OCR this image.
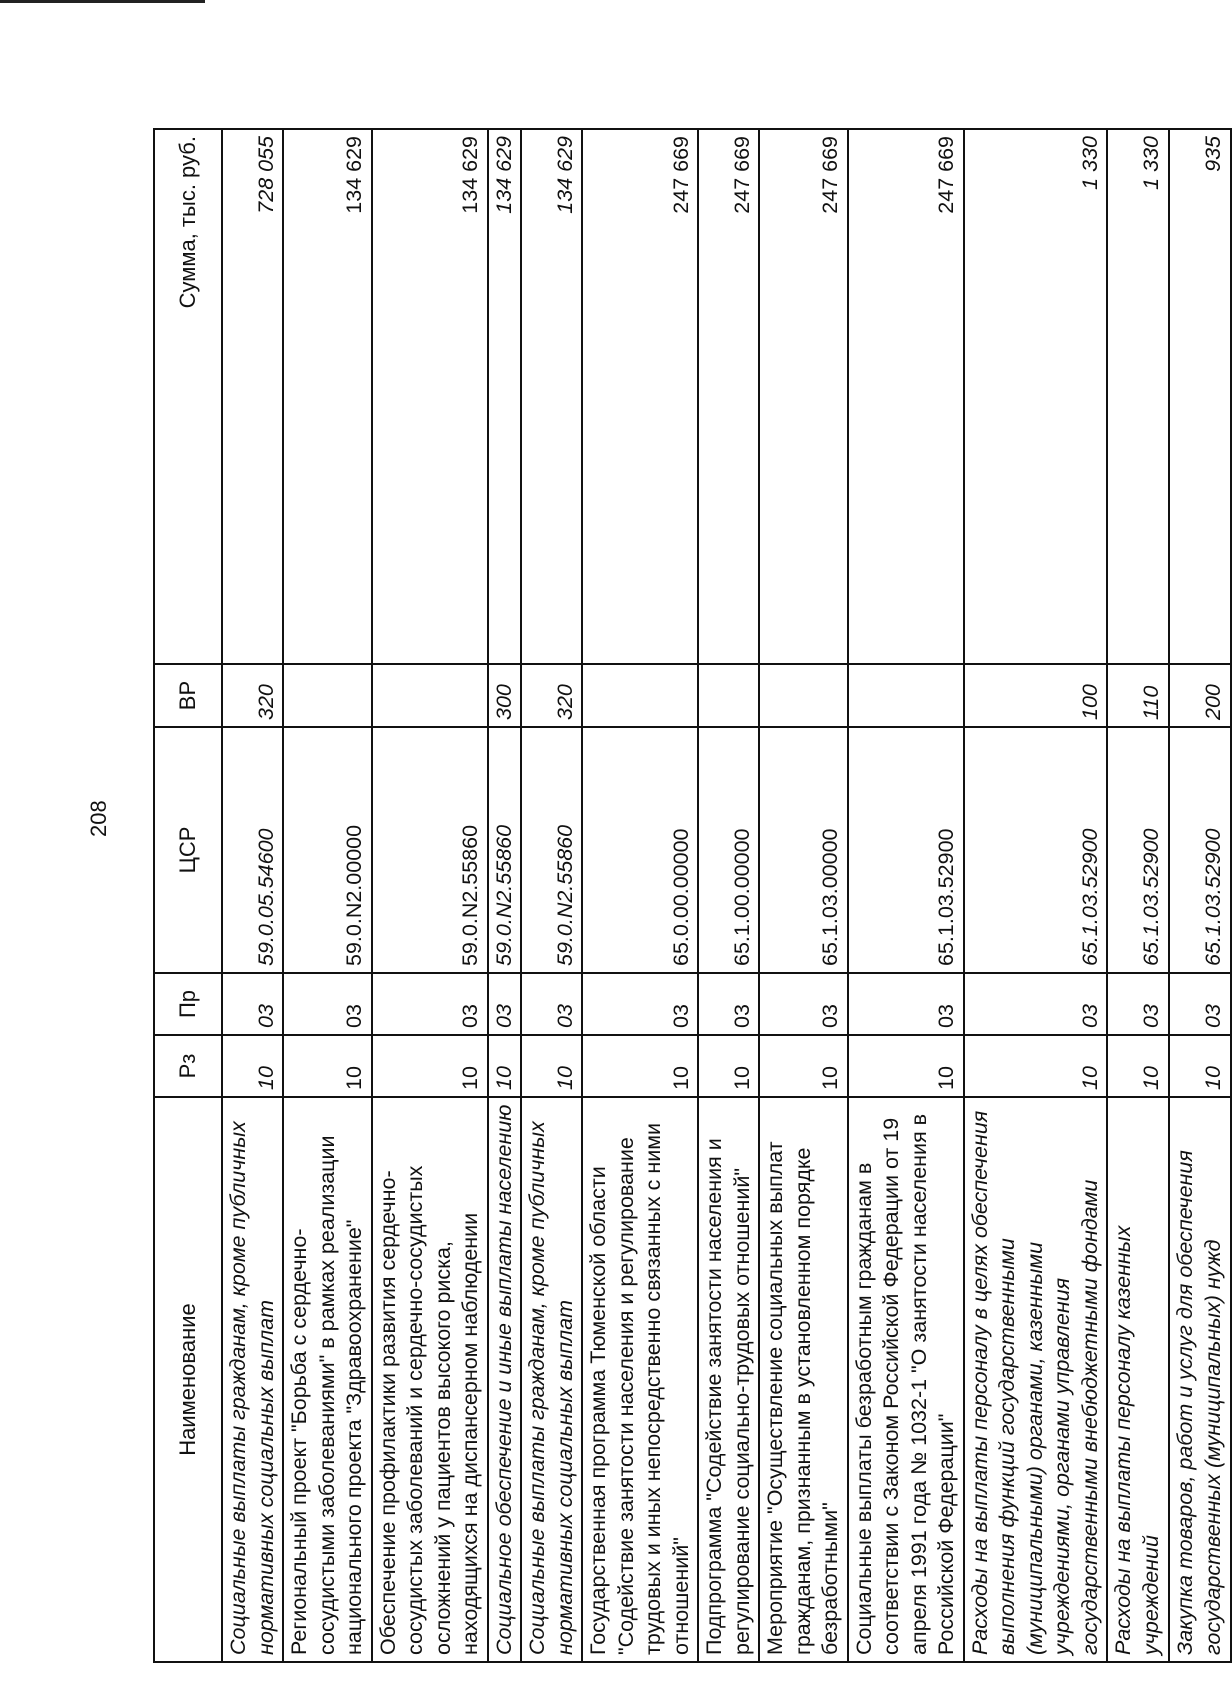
208
Наименование	Рз	Пр	ЦСР	ВР	Сумма, тыс. руб.
Социальные выплаты гражданам, кроме публичных нормативных социальных выплат	10	03	59.0.05.54600	320	728 055
Региональный проект "Борьба с сердечно-сосудистыми заболеваниями" в рамках реализации национального проекта "Здравоохранение"	10	03	59.0.N2.00000		134 629
Обеспечение профилактики развития сердечно-сосудистых заболеваний и сердечно-сосудистых осложнений у пациентов высокого риска, находящихся на диспансерном наблюдении	10	03	59.0.N2.55860		134 629
Социальное обеспечение и иные выплаты населению	10	03	59.0.N2.55860	300	134 629
Социальные выплаты гражданам, кроме публичных нормативных социальных выплат	10	03	59.0.N2.55860	320	134 629
Государственная программа Тюменской области "Содействие занятости населения и регулирование трудовых и иных непосредственно связанных с ними отношений"	10	03	65.0.00.00000		247 669
Подпрограмма "Содействие занятости населения и регулирование социально-трудовых отношений"	10	03	65.1.00.00000		247 669
Мероприятие "Осуществление социальных выплат гражданам, признанным в установленном порядке безработными"	10	03	65.1.03.00000		247 669
Социальные выплаты безработным гражданам в соответствии с Законом Российской Федерации от 19 апреля 1991 года № 1032-1 "О занятости населения в Российской Федерации"	10	03	65.1.03.52900		247 669
Расходы на выплаты персоналу в целях обеспечения выполнения функций государственными (муниципальными) органами, казенными учреждениями, органами управления государственными внебюджетными фондами	10	03	65.1.03.52900	100	1 330
Расходы на выплаты персоналу казенных учреждений	10	03	65.1.03.52900	110	1 330
Закупка товаров, работ и услуг для обеспечения государственных (муниципальных) нужд	10	03	65.1.03.52900	200	935
